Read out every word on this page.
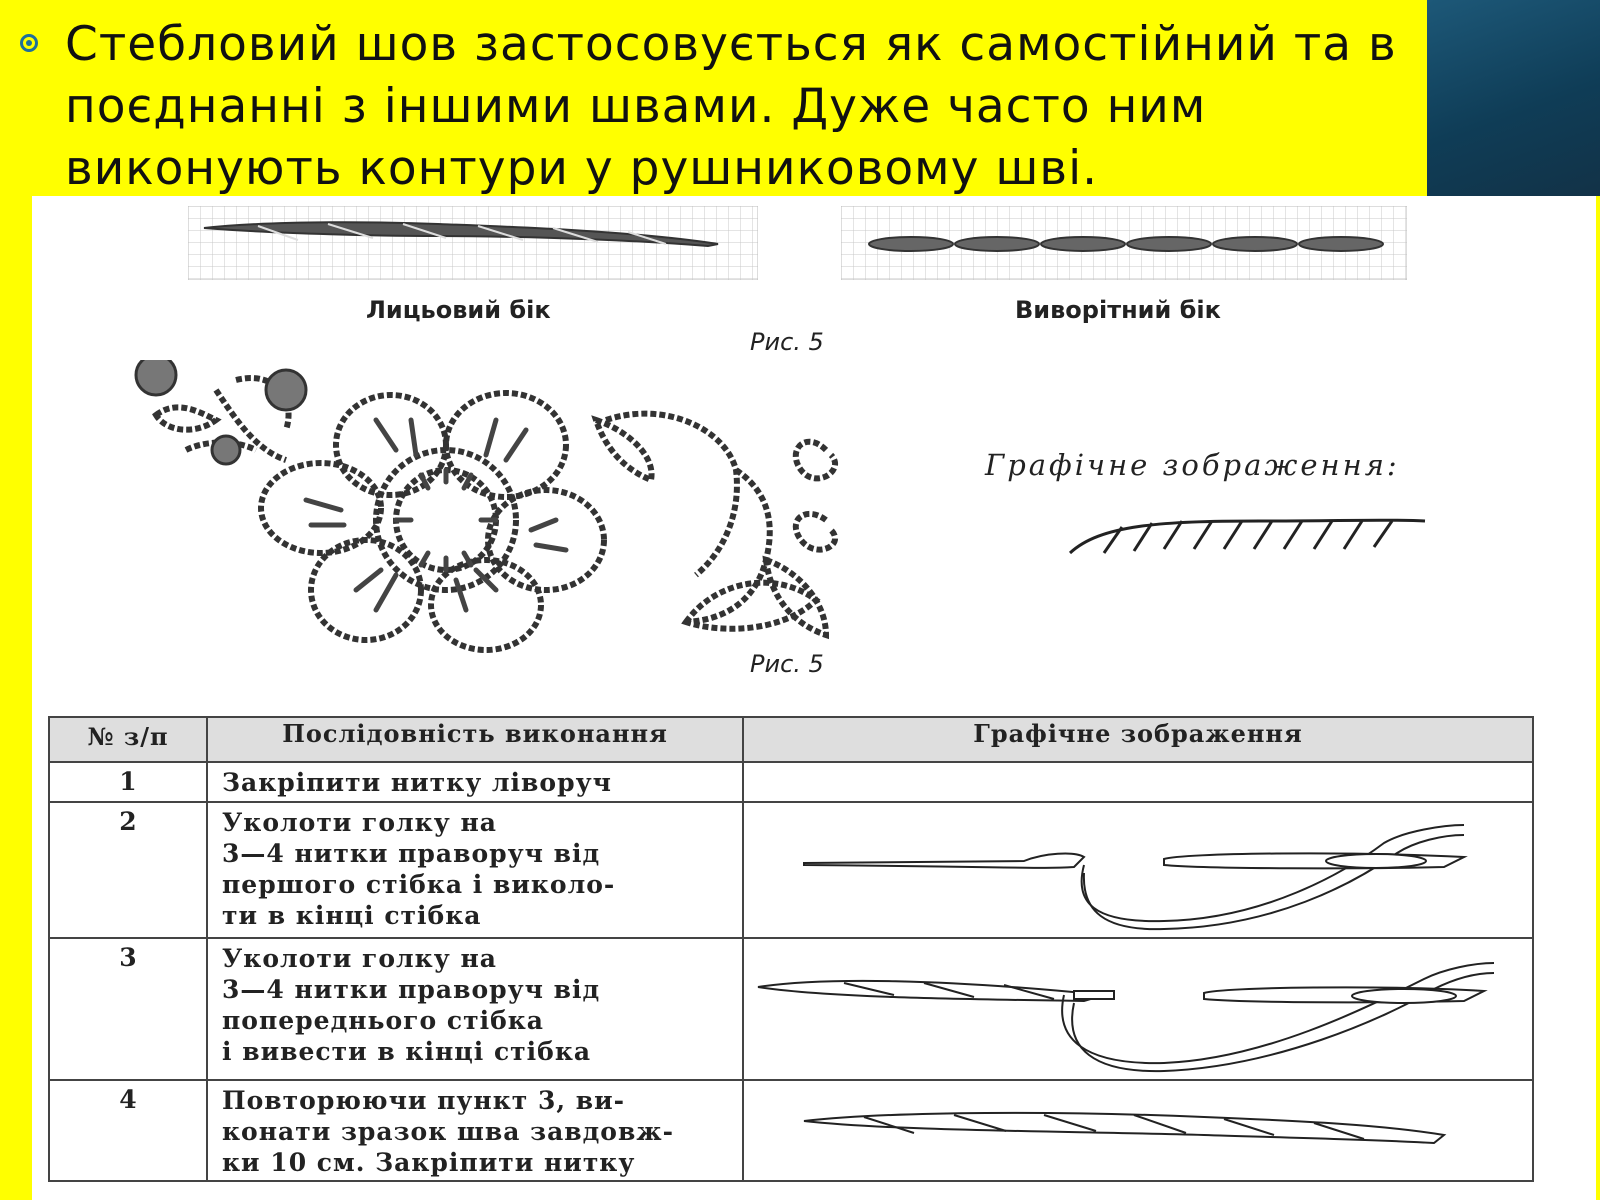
Стебловий шов застосовується як самостійний та в
поєднанні з іншими швами. Дуже часто ним
виконують контури у рушниковому шві.

Лицьовий бік	Виворітний бік
Рис. 5
Рис. 5
Графічне зображення:
№ з/п	Послідовність виконання	Графічне зображення
1	Закріпити нитку ліворуч	
2	Уколоти голку на
3—4 нитки праворуч від
першого стібка і виколо-
ти в кінці стібка	

3	Уколоти голку на
3—4 нитки праворуч від
попереднього стібка
і вивести в кінці стібка	

4	Повторюючи пункт 3, ви-
конати зразок шва завдовж-
ки 10 см. Закріпити нитку	
